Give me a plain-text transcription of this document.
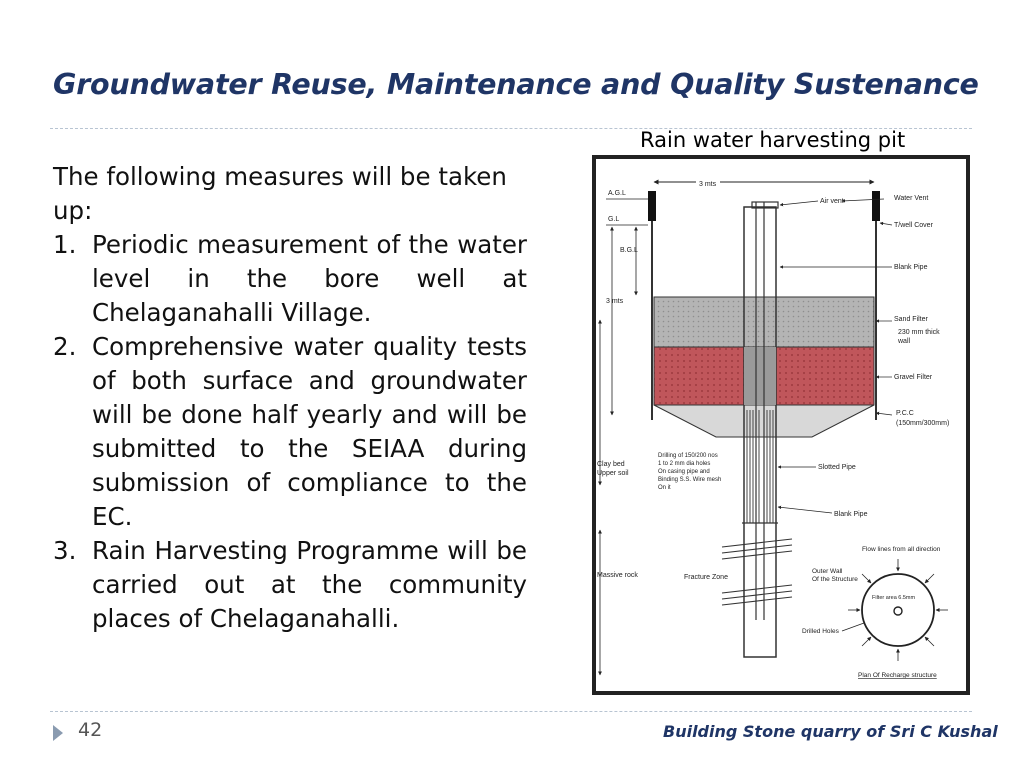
Groundwater Reuse, Maintenance and Quality Sustenance
Rain water harvesting pit

The following measures will be taken up:

1. Periodic measurement of the water level in the bore well at Chelaganahalli Village.
2. Comprehensive water quality tests of both surface and groundwater will be done half yearly and will be submitted to the SEIAA during submission of compliance to the EC.
3. Rain Harvesting Programme will be carried out at the community places of Chelaganahalli.
3 mts
A.G.L
G.L
B.G.L
3 mts
Water Vent
Air vent
T/well Cover
Blank Pipe
Sand Filter
230 mm thick
wall
Gravel Filter
P.C.C
(150mm/300mm)
Drilling of 150/200 nos
1 to 2 mm dia holes
On casing pipe and
Binding S.S. Wire mesh
On it
Slotted Pipe
Blank Pipe
Clay bed
Upper soil
Massive rock	Fracture Zone
Flow lines from all direction
Outer Wall
Of the Structure
Drilled Holes
Filter area 6.5mm
Plan Of Recharge structure
42	Building Stone quarry of Sri C Kushal
